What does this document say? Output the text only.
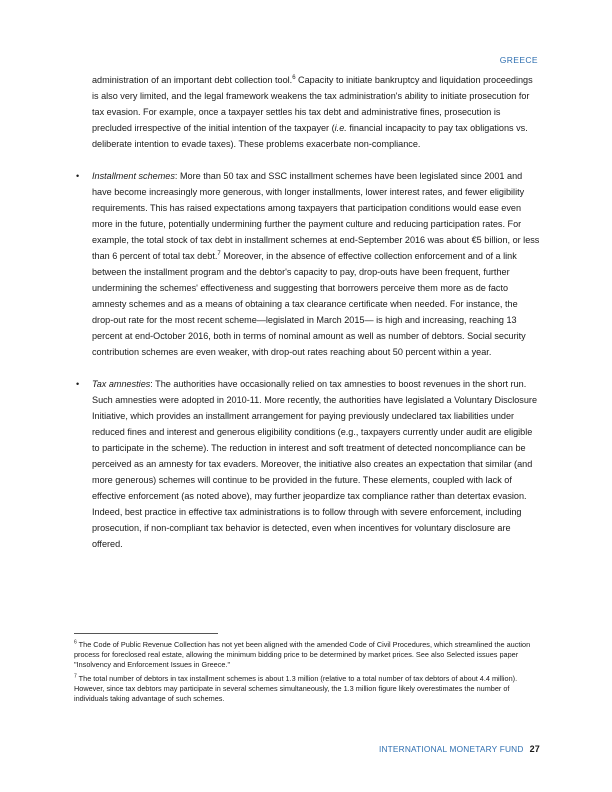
GREECE

administration of an important debt collection tool.$^6$ Capacity to initiate bankruptcy and liquidation proceedings is also very limited, and the legal framework weakens the tax administration's ability to initiate prosecution for tax evasion. For example, once a taxpayer settles his tax debt and administrative fines, prosecution is precluded irrespective of the initial intention of the taxpayer (i.e. financial incapacity to pay tax obligations vs. deliberate intention to evade taxes). These problems exacerbate non-compliance.

• Installment schemes: More than 50 tax and SSC installment schemes have been legislated since 2001 and have become increasingly more generous, with longer installments, lower interest rates, and fewer eligibility requirements. This has raised expectations among taxpayers that participation conditions would ease even more in the future, potentially undermining further the payment culture and reducing participation rates. For example, the total stock of tax debt in installment schemes at end-September 2016 was about €5 billion, or less than 6 percent of total tax debt.$^7$ Moreover, in the absence of effective collection enforcement and of a link between the installment program and the debtor's capacity to pay, drop-outs have been frequent, further undermining the schemes' effectiveness and suggesting that borrowers perceive them more as de facto amnesty schemes and as a means of obtaining a tax clearance certificate when needed. For instance, the drop-out rate for the most recent scheme—legislated in March 2015— is high and increasing, reaching 13 percent at end-October 2016, both in terms of nominal amount as well as number of debtors. Social security contribution schemes are even weaker, with drop-out rates reaching about 50 percent within a year.

• Tax amnesties: The authorities have occasionally relied on tax amnesties to boost revenues in the short run. Such amnesties were adopted in 2010-11. More recently, the authorities have legislated a Voluntary Disclosure Initiative, which provides an installment arrangement for paying previously undeclared tax liabilities under reduced fines and interest and generous eligibility conditions (e.g., taxpayers currently under audit are eligible to participate in the scheme). The reduction in interest and soft treatment of detected noncompliance can be perceived as an amnesty for tax evaders. Moreover, the initiative also creates an expectation that similar (and more generous) schemes will continue to be provided in the future. These elements, coupled with lack of effective enforcement (as noted above), may further jeopardize tax compliance rather than detertax evasion. Indeed, best practice in effective tax administrations is to follow through with severe enforcement, including prosecution, if non-compliant tax behavior is detected, even when incentives for voluntary disclosure are offered.

$^6$ The Code of Public Revenue Collection has not yet been aligned with the amended Code of Civil Procedures, which streamlined the auction process for foreclosed real estate, allowing the minimum bidding price to be determined by market prices. See also Selected issues paper "Insolvency and Enforcement Issues in Greece."

$^7$ The total number of debtors in tax installment schemes is about 1.3 million (relative to a total number of tax debtors of about 4.4 million). However, since tax debtors may participate in several schemes simultaneously, the 1.3 million figure likely overestimates the number of individuals taking advantage of such schemes.

INTERNATIONAL MONETARY FUND 27
